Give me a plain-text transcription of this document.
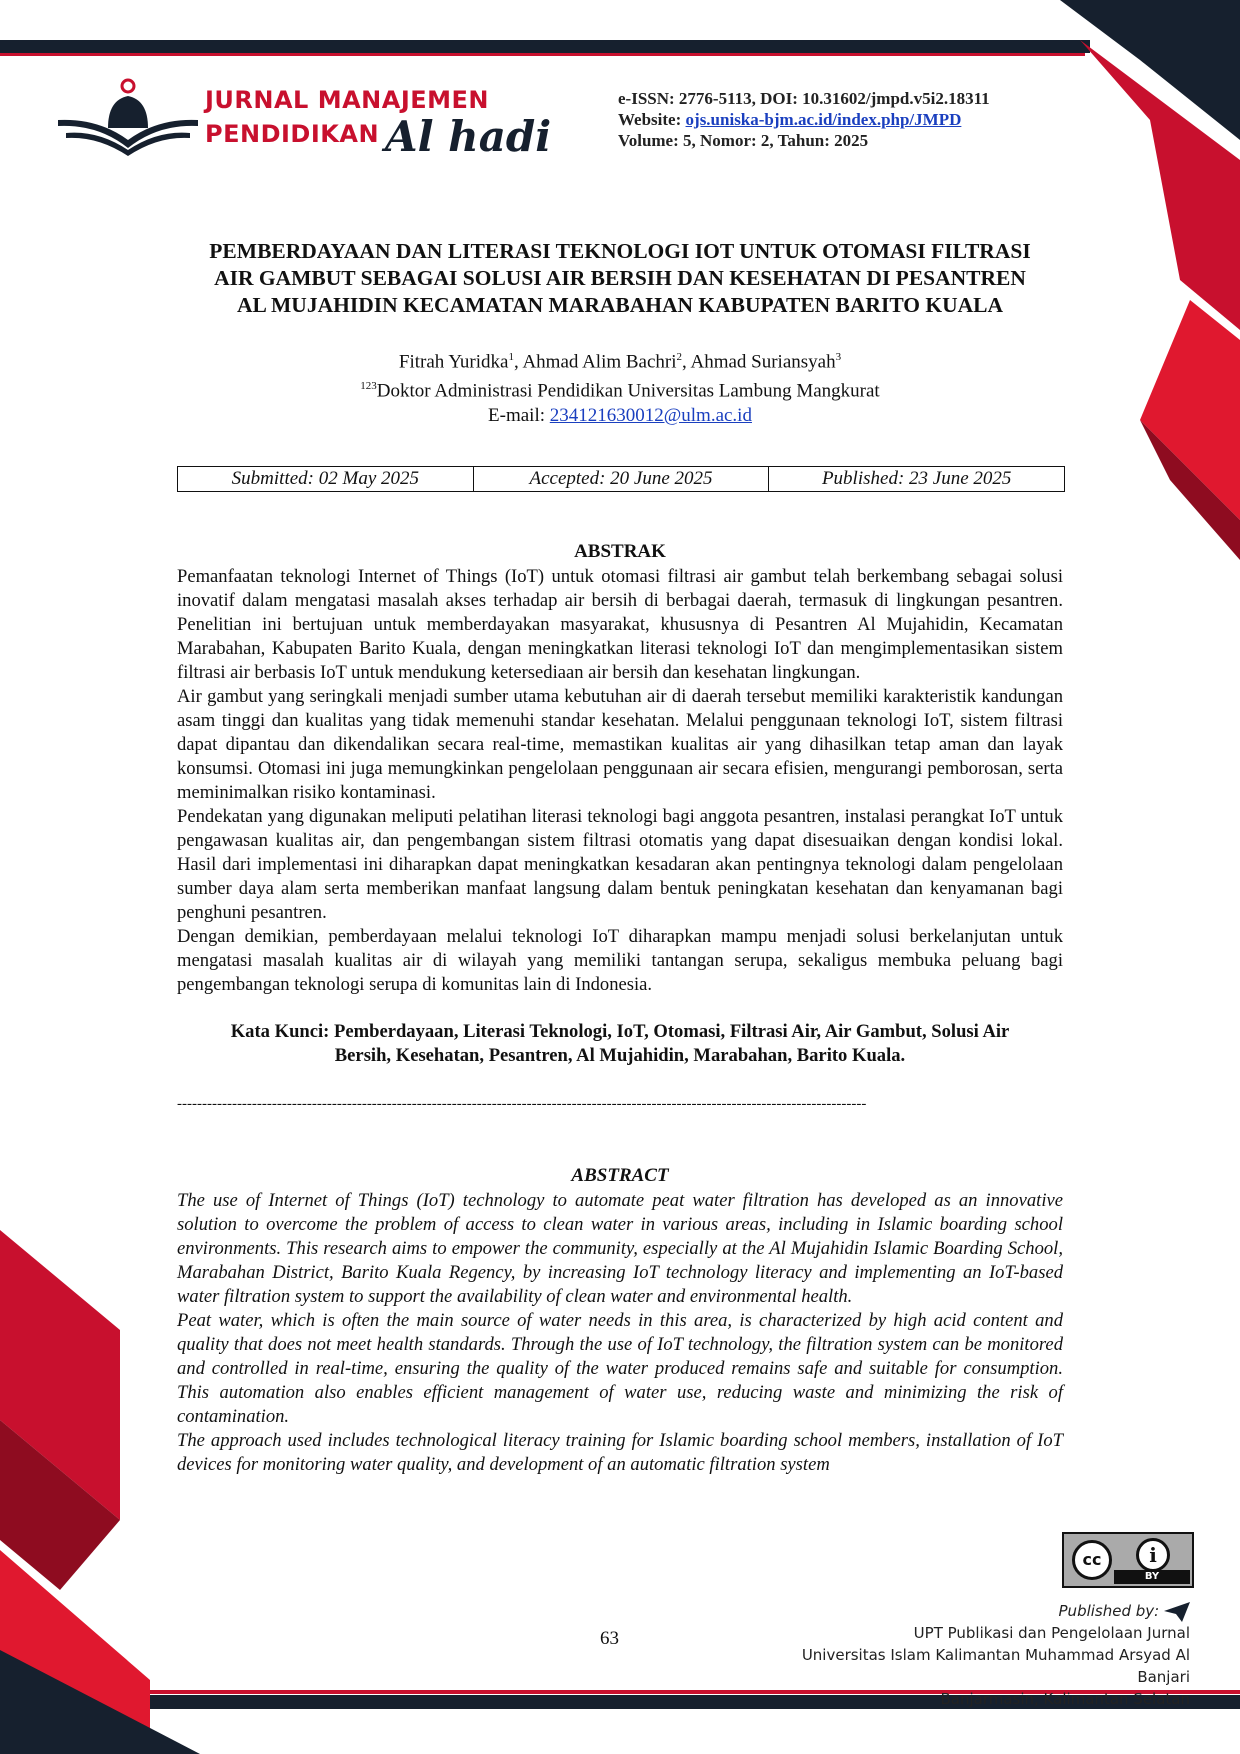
JURNAL MANAJEMEN
PENDIDIKAN Al hadi
e-ISSN: 2776-5113, DOI: 10.31602/jmpd.v5i2.18311
Website: ojs.uniska-bjm.ac.id/index.php/JMPD
Volume: 5, Nomor: 2, Tahun: 2025
PEMBERDAYAAN DAN LITERASI TEKNOLOGI IOT UNTUK OTOMASI FILTRASI
AIR GAMBUT SEBAGAI SOLUSI AIR BERSIH DAN KESEHATAN DI PESANTREN
AL MUJAHIDIN KECAMATAN MARABAHAN KABUPATEN BARITO KUALA
Fitrah Yuridka$^1$, Ahmad Alim Bachri$^2$, Ahmad Suriansyah$^3$
$^{123}$Doktor Administrasi Pendidikan Universitas Lambung Mangkurat
E-mail: 234121630012@ulm.ac.id
Submitted: 02 May 2025	Accepted: 20 June 2025	Published: 23 June 2025
ABSTRAK

Pemanfaatan teknologi Internet of Things (IoT) untuk otomasi filtrasi air gambut telah berkembang sebagai solusi inovatif dalam mengatasi masalah akses terhadap air bersih di berbagai daerah, termasuk di lingkungan pesantren. Penelitian ini bertujuan untuk memberdayakan masyarakat, khususnya di Pesantren Al Mujahidin, Kecamatan Marabahan, Kabupaten Barito Kuala, dengan meningkatkan literasi teknologi IoT dan mengimplementasikan sistem filtrasi air berbasis IoT untuk mendukung ketersediaan air bersih dan kesehatan lingkungan.

Air gambut yang seringkali menjadi sumber utama kebutuhan air di daerah tersebut memiliki karakteristik kandungan asam tinggi dan kualitas yang tidak memenuhi standar kesehatan. Melalui penggunaan teknologi IoT, sistem filtrasi dapat dipantau dan dikendalikan secara real-time, memastikan kualitas air yang dihasilkan tetap aman dan layak konsumsi. Otomasi ini juga memungkinkan pengelolaan penggunaan air secara efisien, mengurangi pemborosan, serta meminimalkan risiko kontaminasi.

Pendekatan yang digunakan meliputi pelatihan literasi teknologi bagi anggota pesantren, instalasi perangkat IoT untuk pengawasan kualitas air, dan pengembangan sistem filtrasi otomatis yang dapat disesuaikan dengan kondisi lokal. Hasil dari implementasi ini diharapkan dapat meningkatkan kesadaran akan pentingnya teknologi dalam pengelolaan sumber daya alam serta memberikan manfaat langsung dalam bentuk peningkatan kesehatan dan kenyamanan bagi penghuni pesantren.

Dengan demikian, pemberdayaan melalui teknologi IoT diharapkan mampu menjadi solusi berkelanjutan untuk mengatasi masalah kualitas air di wilayah yang memiliki tantangan serupa, sekaligus membuka peluang bagi pengembangan teknologi serupa di komunitas lain di Indonesia.

Kata Kunci: Pemberdayaan, Literasi Teknologi, IoT, Otomasi, Filtrasi Air, Air Gambut, Solusi Air
Bersih, Kesehatan, Pesantren, Al Mujahidin, Marabahan, Barito Kuala.
------------------------------------------------------------------------------------------------------------------------------------------
ABSTRACT

The use of Internet of Things (IoT) technology to automate peat water filtration has developed as an innovative solution to overcome the problem of access to clean water in various areas, including in Islamic boarding school environments. This research aims to empower the community, especially at the Al Mujahidin Islamic Boarding School, Marabahan District, Barito Kuala Regency, by increasing IoT technology literacy and implementing an IoT-based water filtration system to support the availability of clean water and environmental health.

Peat water, which is often the main source of water needs in this area, is characterized by high acid content and quality that does not meet health standards. Through the use of IoT technology, the filtration system can be monitored and controlled in real-time, ensuring the quality of the water produced remains safe and suitable for consumption. This automation also enables efficient management of water use, reducing waste and minimizing the risk of contamination.

The approach used includes technological literacy training for Islamic boarding school members, installation of IoT devices for monitoring water quality, and development of an automatic filtration system

cc	i
BY
63
Published by:
UPT Publikasi dan Pengelolaan Jurnal
Universitas Islam Kalimantan Muhammad Arsyad Al Banjari
Banjarmasin, Kalimantan Selatan
